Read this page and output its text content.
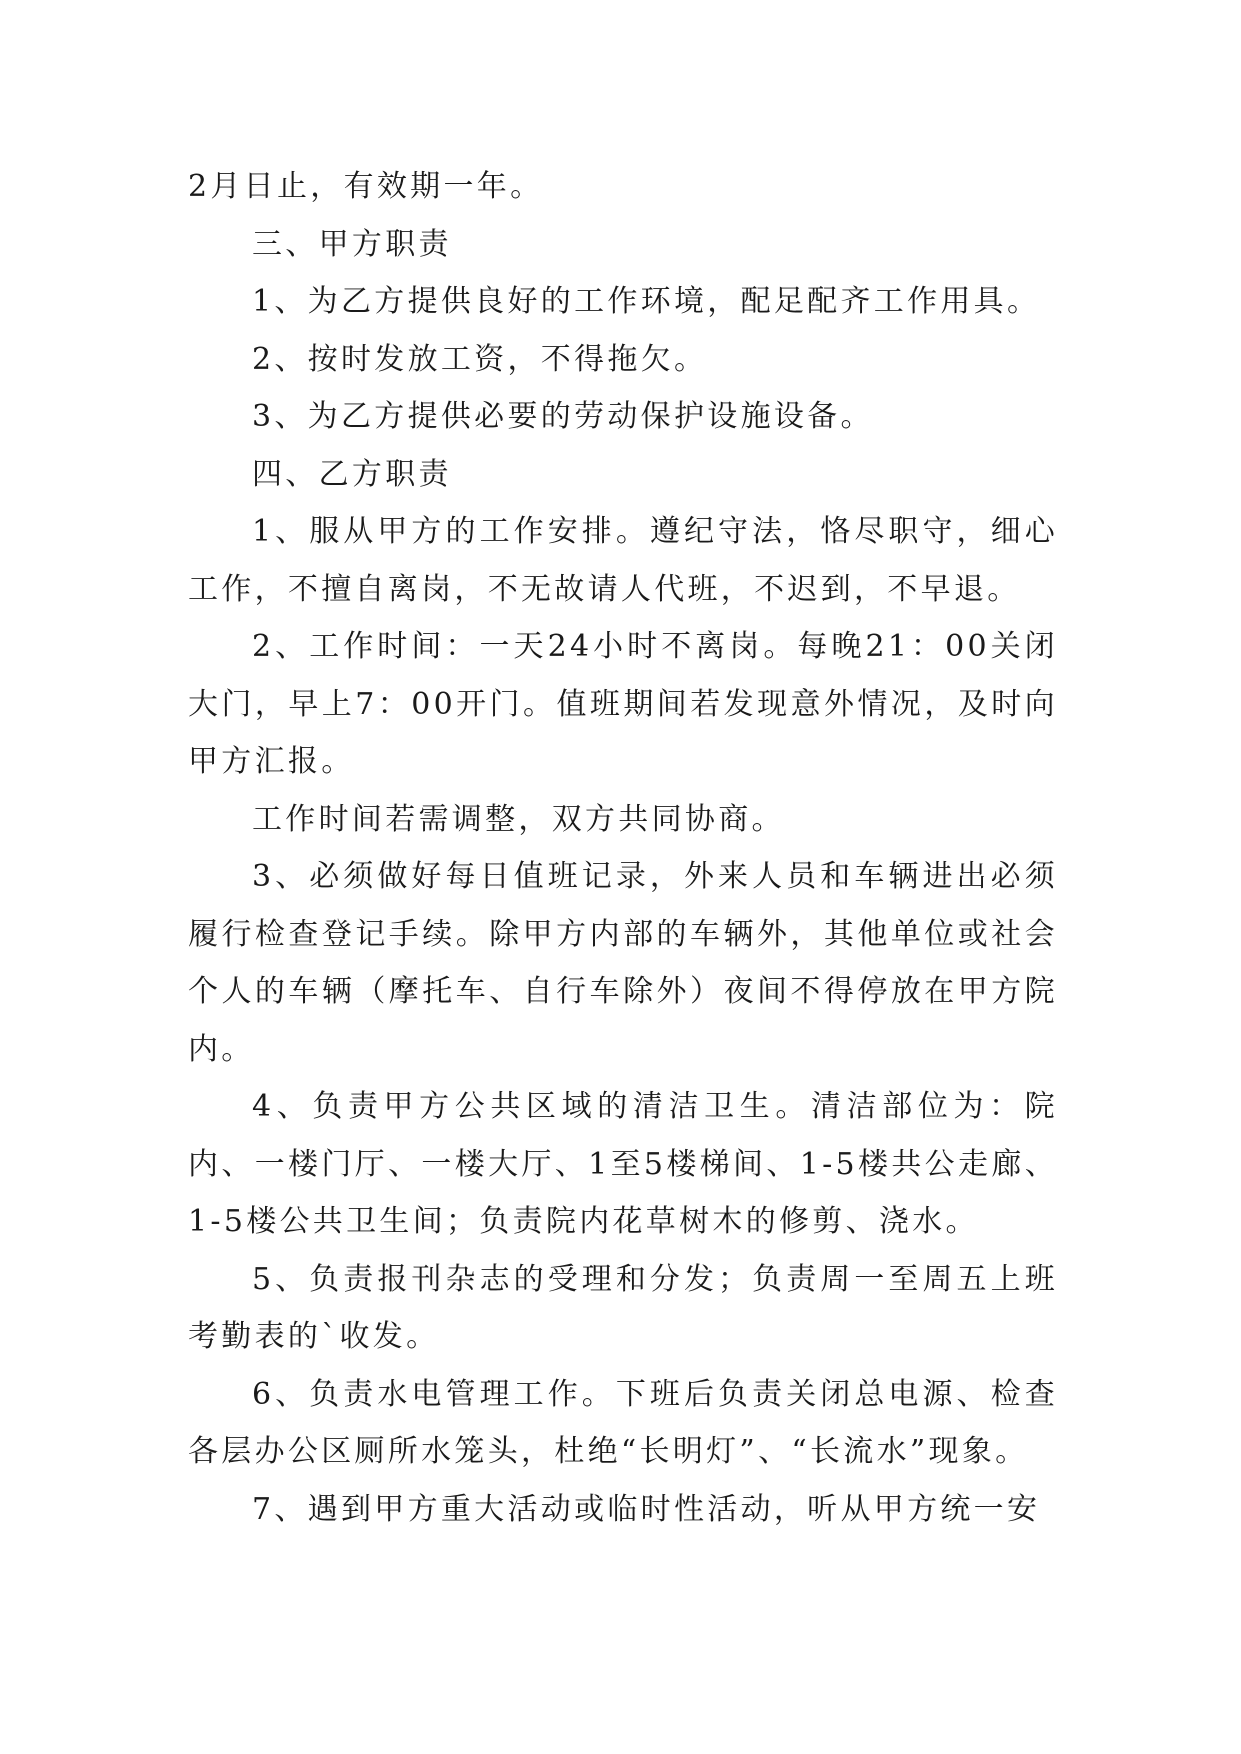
2月日止，有效期一年。

三、甲方职责

1、为乙方提供良好的工作环境，配足配齐工作用具。

2、按时发放工资，不得拖欠。

3、为乙方提供必要的劳动保护设施设备。

四、乙方职责

1、服从甲方的工作安排。遵纪守法，恪尽职守，细心工作，不擅自离岗，不无故请人代班，不迟到，不早退。

2、工作时间：一天24小时不离岗。每晚21：00关闭大门，早上7：00开门。值班期间若发现意外情况，及时向甲方汇报。

工作时间若需调整，双方共同协商。

3、必须做好每日值班记录，外来人员和车辆进出必须履行检查登记手续。除甲方内部的车辆外，其他单位或社会个人的车辆（摩托车、自行车除外）夜间不得停放在甲方院内。

4、负责甲方公共区域的清洁卫生。清洁部位为：院内、一楼门厅、一楼大厅、1至5楼梯间、1-5楼共公走廊、1-5楼公共卫生间；负责院内花草树木的修剪、浇水。

5、负责报刊杂志的受理和分发；负责周一至周五上班考勤表的`收发。

6、负责水电管理工作。下班后负责关闭总电源、检查各层办公区厕所水笼头，杜绝“长明灯”、“长流水”现象。

7、遇到甲方重大活动或临时性活动，听从甲方统一安
